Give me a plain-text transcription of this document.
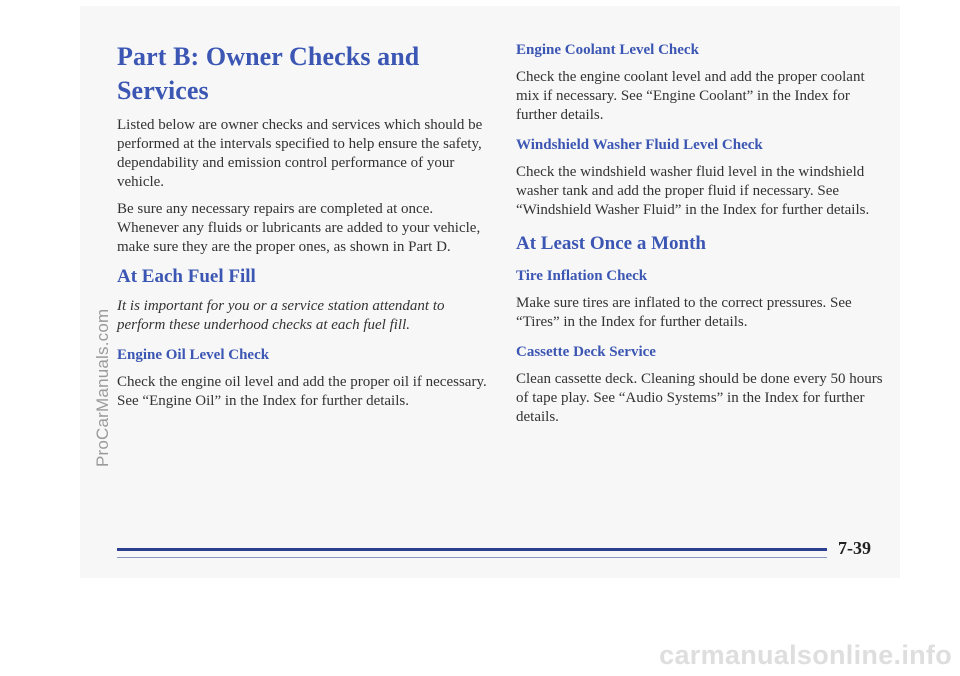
Part B: Owner Checks and Services

Listed below are owner checks and services which should be performed at the intervals specified to help ensure the safety, dependability and emission control performance of your vehicle.

Be sure any necessary repairs are completed at once. Whenever any fluids or lubricants are added to your vehicle, make sure they are the proper ones, as shown in Part D.

At Each Fuel Fill

It is important for you or a service station attendant to perform these underhood checks at each fuel fill.

Engine Oil Level Check

Check the engine oil level and add the proper oil if necessary. See “Engine Oil” in the Index for further details.

Engine Coolant Level Check

Check the engine coolant level and add the proper coolant mix if necessary. See “Engine Coolant” in the Index for further details.

Windshield Washer Fluid Level Check

Check the windshield washer fluid level in the windshield washer tank and add the proper fluid if necessary. See “Windshield Washer Fluid” in the Index for further details.

At Least Once a Month
Tire Inflation Check

Make sure tires are inflated to the correct pressures. See “Tires” in the Index for further details.

Cassette Deck Service

Clean cassette deck. Cleaning should be done every 50 hours of tape play. See “Audio Systems” in the Index for further details.

7-39
ProCarManuals.com
carmanualsonline.info
